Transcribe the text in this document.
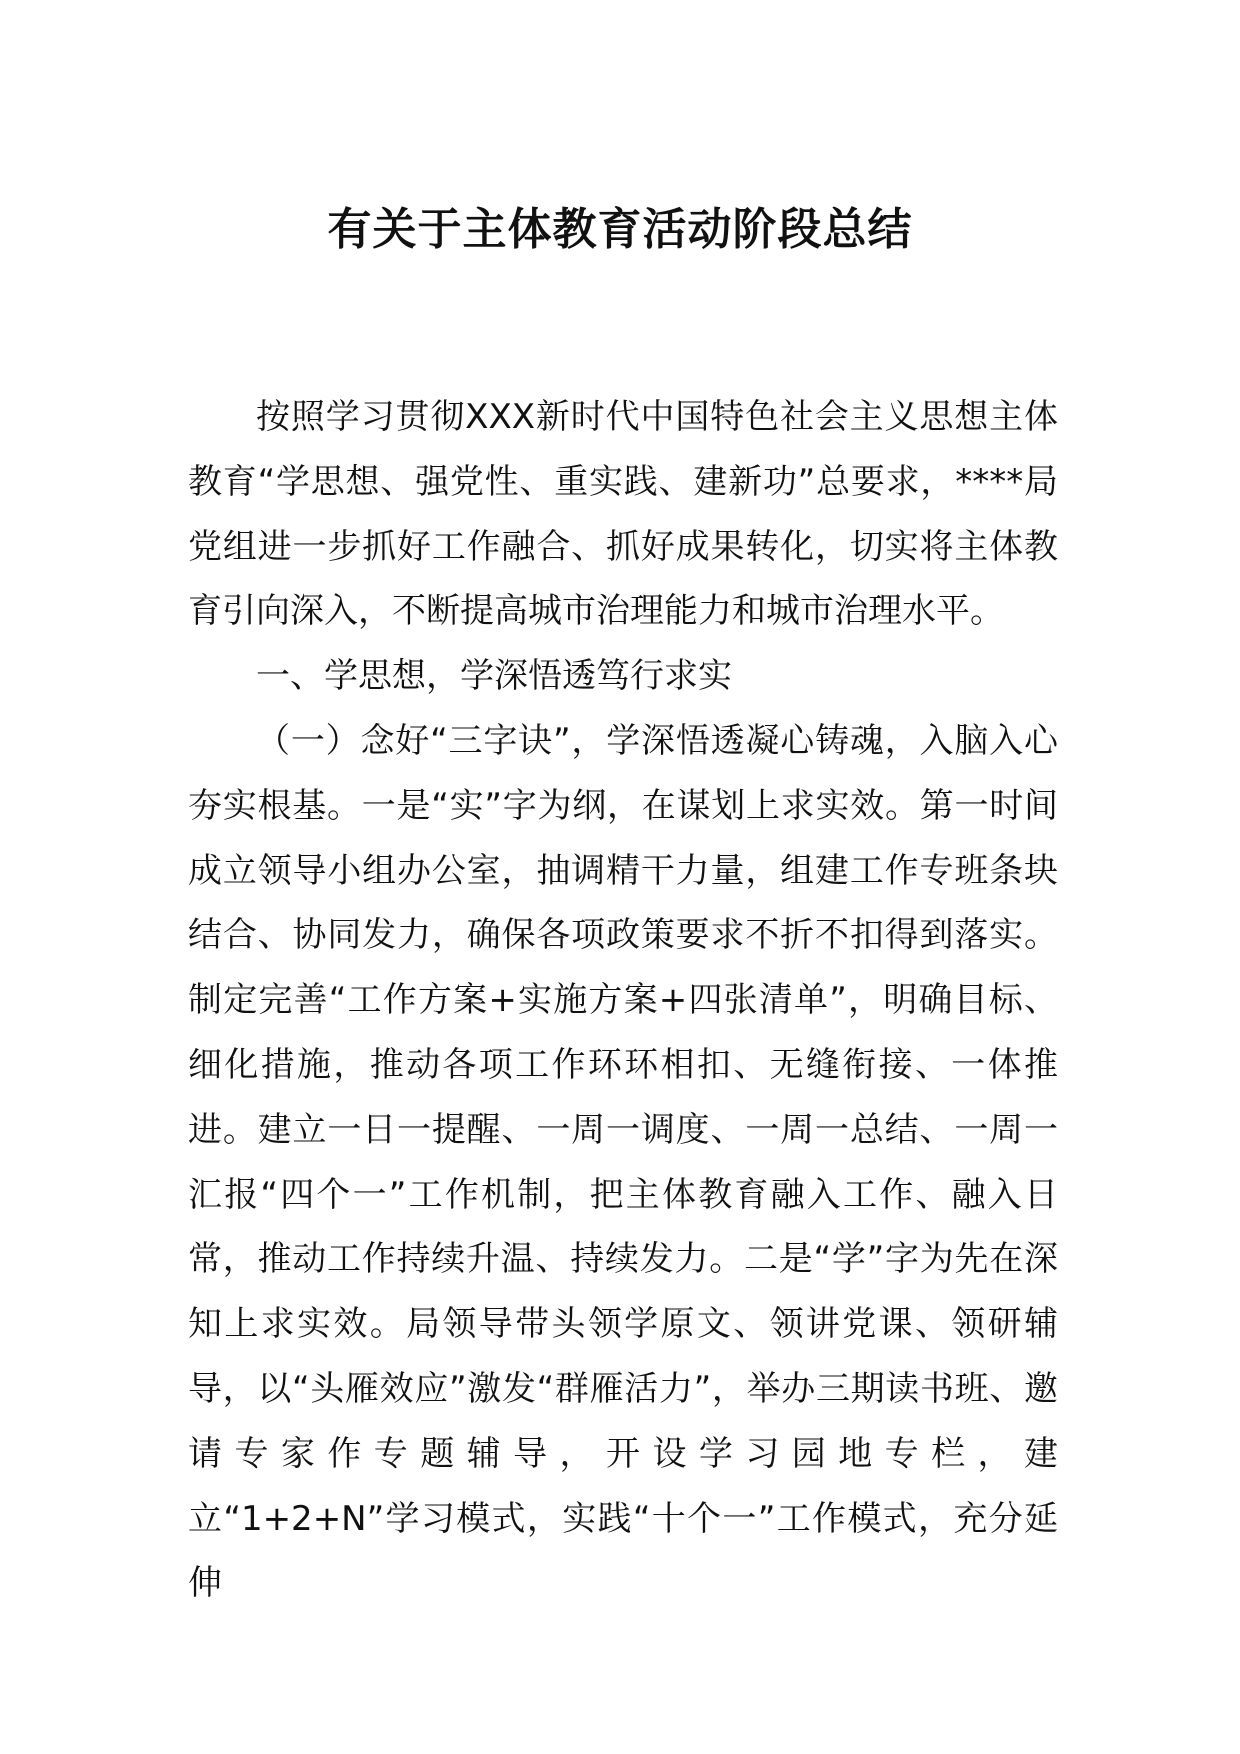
有关于主体教育活动阶段总结

按照学习贯彻XXX新时代中国特色社会主义思想主体教育“学思想、强党性、重实践、建新功”总要求，****局党组进一步抓好工作融合、抓好成果转化，切实将主体教育引向深入，不断提高城市治理能力和城市治理水平。

一、学思想，学深悟透笃行求实

（一）念好“三字诀”，学深悟透凝心铸魂，入脑入心夯实根基。一是“实”字为纲，在谋划上求实效。第一时间成立领导小组办公室，抽调精干力量，组建工作专班条块结合、协同发力，确保各项政策要求不折不扣得到落实。制定完善“工作方案+实施方案+四张清单”，明确目标、细化措施，推动各项工作环环相扣、无缝衔接、一体推进。建立一日一提醒、一周一调度、一周一总结、一周一汇报“四个一”工作机制，把主体教育融入工作、融入日常，推动工作持续升温、持续发力。二是“学”字为先在深知上求实效。局领导带头领学原文、领讲党课、领研辅导，以“头雁效应”激发“群雁活力”，举办三期读书班、邀请专家作专题辅导，开设学习园地专栏，建立“1+2+N”学习模式，实践“十个一”工作模式，充分延伸
